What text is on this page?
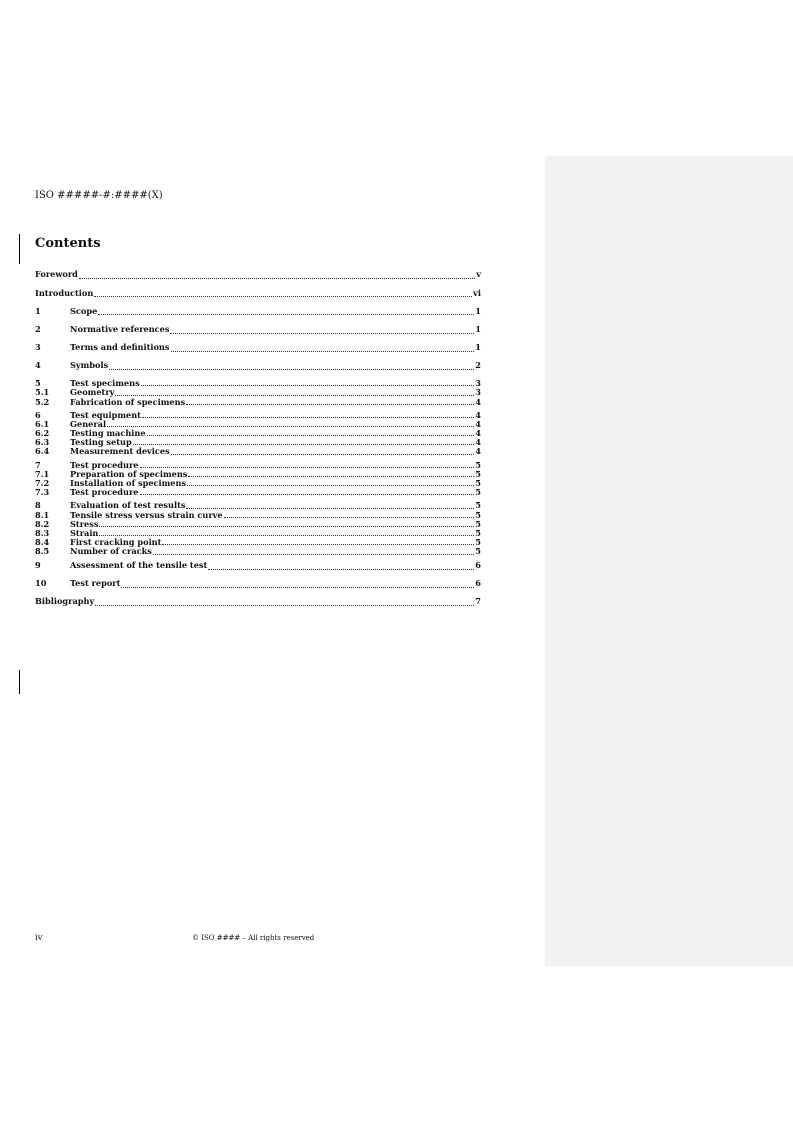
ISO #####-#:####(X)
Contents
Foreword	v
Introduction	vi
1	Scope	1
2	Normative references	1
3	Terms and definitions	1
4	Symbols	2
5	Test specimens	3
5.1	Geometry	3
5.2	Fabrication of specimens	4
6	Test equipment	4
6.1	General	4
6.2	Testing machine	4
6.3	Testing setup	4
6.4	Measurement devices	4
7	Test procedure	5
7.1	Preparation of specimens	5
7.2	Installation of specimens	5
7.3	Test procedure	5
8	Evaluation of test results	5
8.1	Tensile stress versus strain curve	5
8.2	Stress	5
8.3	Strain	5
8.4	First cracking point	5
8.5	Number of cracks	5
9	Assessment of the tensile test	6
10	Test report	6
Bibliography	7
iv	© ISO #### – All rights reserved
